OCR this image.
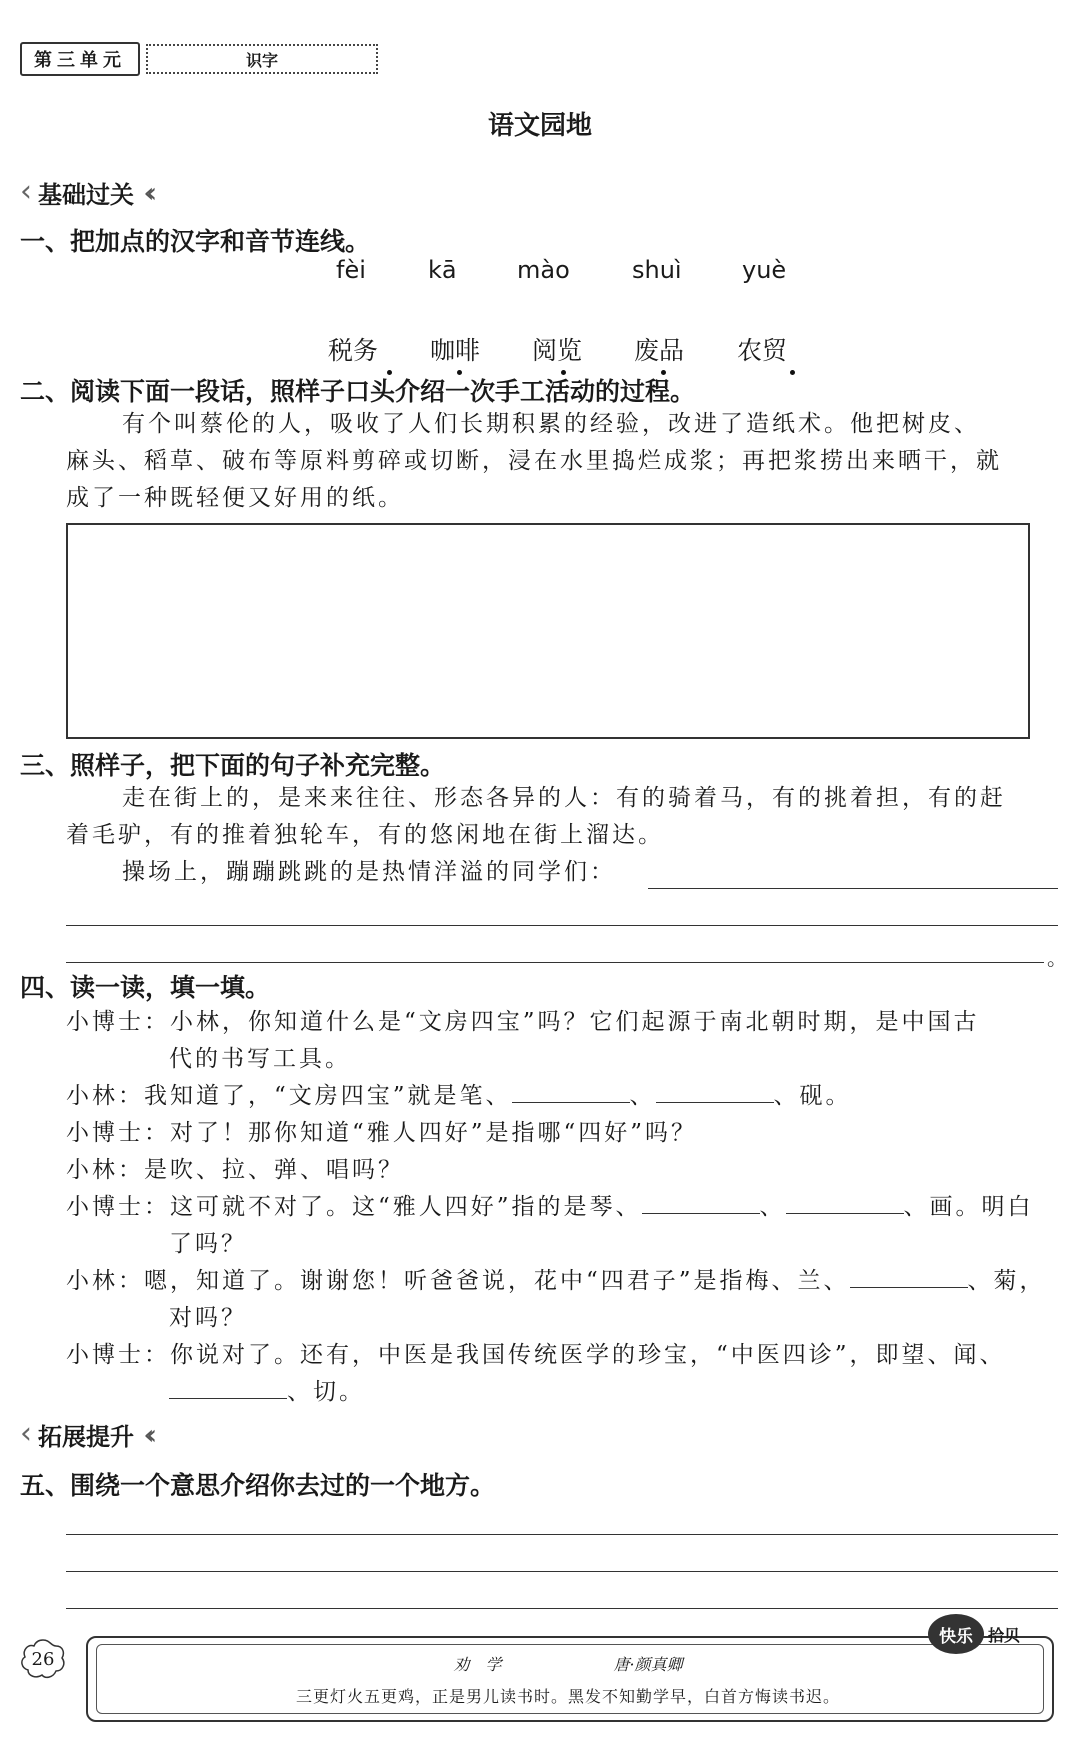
第三单元	识字
语文园地
‹ 基础过关
一、把加点的汉字和音节连线。
fèi	kā	mào	shuì	yuè
税务 咖啡 阅览 废品 农贸
二、阅读下面一段话，照样子口头介绍一次手工活动的过程。
有个叫蔡伦的人，吸收了人们长期积累的经验，改进了造纸术。他把树皮、
麻头、稻草、破布等原料剪碎或切断，浸在水里捣烂成浆；再把浆捞出来晒干，就
成了一种既轻便又好用的纸。
三、照样子，把下面的句子补充完整。
走在街上的，是来来往往、形态各异的人：有的骑着马，有的挑着担，有的赶
着毛驴，有的推着独轮车，有的悠闲地在街上溜达。
操场上，蹦蹦跳跳的是热情洋溢的同学们：
。
四、读一读，填一填。
小博士：小林，你知道什么是“文房四宝”吗？它们起源于南北朝时期，是中国古
代的书写工具。
小林：我知道了，“文房四宝”就是笔、	、	、砚。
小博士：对了！那你知道“雅人四好”是指哪“四好”吗？
小林：是吹、拉、弹、唱吗？
小博士：这可就不对了。这“雅人四好”指的是琴、	、	、画。明白
了吗？
小林：嗯，知道了。谢谢您！听爸爸说，花中“四君子”是指梅、兰、	、菊，
对吗？
小博士：你说对了。还有，中医是我国传统医学的珍宝，“中医四诊”，即望、闻、
、切。
‹ 拓展提升
五、围绕一个意思介绍你去过的一个地方。
26	劝　学　　　　　　　唐·颜真卿
三更灯火五更鸡，正是男儿读书时。黑发不知勤学早，白首方悔读书迟。
快乐 拾贝
